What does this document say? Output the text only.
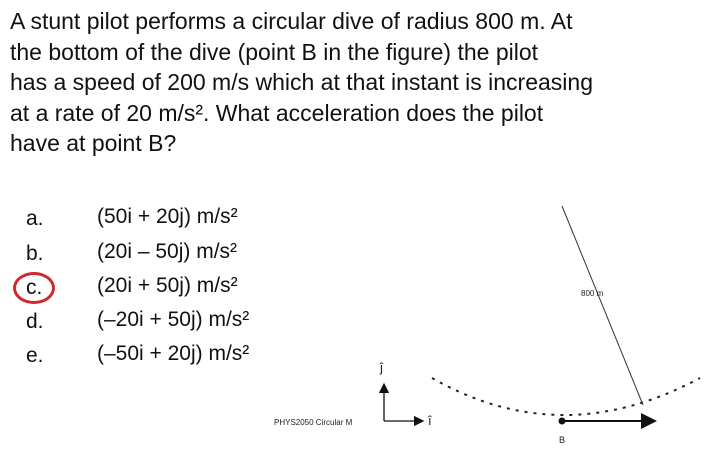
A stunt pilot performs a circular dive of radius 800 m. At
the bottom of the dive (point B in the figure) the pilot
has a speed of 200 m/s which at that instant is increasing
at a rate of 20 m/s². What acceleration does the pilot
have at point B?
a.	(50i + 20j) m/s²
b.	(20i – 50j) m/s²
c.	(20i + 50j) m/s²
d.	(–20i + 50j) m/s²
e.	(–50i + 20j) m/s²
ĵ
î
PHYS2050 Circular M
800 m
B
